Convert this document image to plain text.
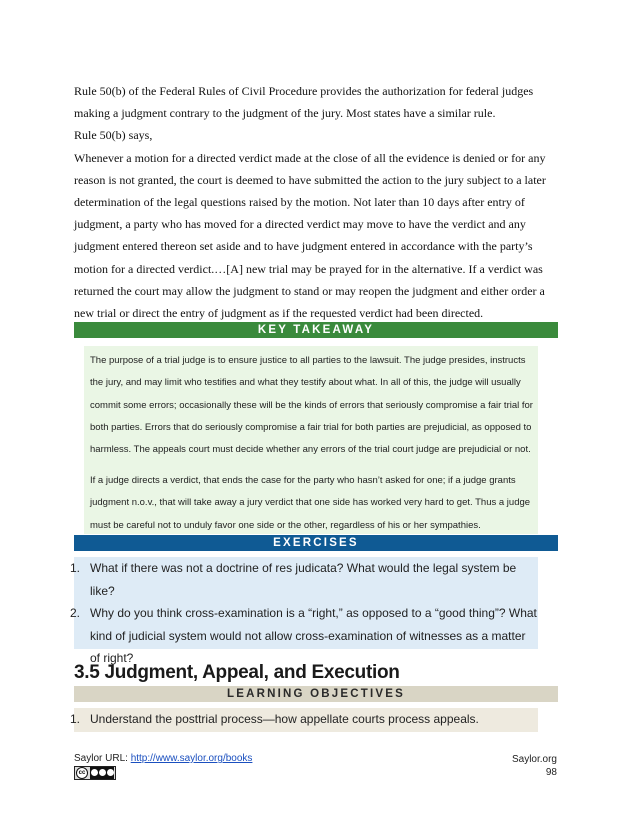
Rule 50(b) of the Federal Rules of Civil Procedure provides the authorization for federal judges making a judgment contrary to the judgment of the jury. Most states have a similar rule.

Rule 50(b) says,

Whenever a motion for a directed verdict made at the close of all the evidence is denied or for any reason is not granted, the court is deemed to have submitted the action to the jury subject to a later determination of the legal questions raised by the motion. Not later than 10 days after entry of judgment, a party who has moved for a directed verdict may move to have the verdict and any judgment entered thereon set aside and to have judgment entered in accordance with the party’s motion for a directed verdict.…[A] new trial may be prayed for in the alternative. If a verdict was returned the court may allow the judgment to stand or may reopen the judgment and either order a new trial or direct the entry of judgment as if the requested verdict had been directed.

KEY TAKEAWAY

The purpose of a trial judge is to ensure justice to all parties to the lawsuit. The judge presides, instructs the jury, and may limit who testifies and what they testify about what. In all of this, the judge will usually commit some errors; occasionally these will be the kinds of errors that seriously compromise a fair trial for both parties. Errors that do seriously compromise a fair trial for both parties are prejudicial, as opposed to harmless. The appeals court must decide whether any errors of the trial court judge are prejudicial or not.

If a judge directs a verdict, that ends the case for the party who hasn’t asked for one; if a judge grants judgment n.o.v., that will take away a jury verdict that one side has worked very hard to get. Thus a judge must be careful not to unduly favor one side or the other, regardless of his or her sympathies.

EXERCISES
1. What if there was not a doctrine of res judicata? What would the legal system be like?
2. Why do you think cross-examination is a “right,” as opposed to a “good thing”? What kind of judicial system would not allow cross-examination of witnesses as a matter of right?
3.5 Judgment, Appeal, and Execution
LEARNING OBJECTIVES
1. Understand the posttrial process—how appellate courts process appeals.
Saylor URL: http://www.saylor.org/books
cc
Saylor.org
98
